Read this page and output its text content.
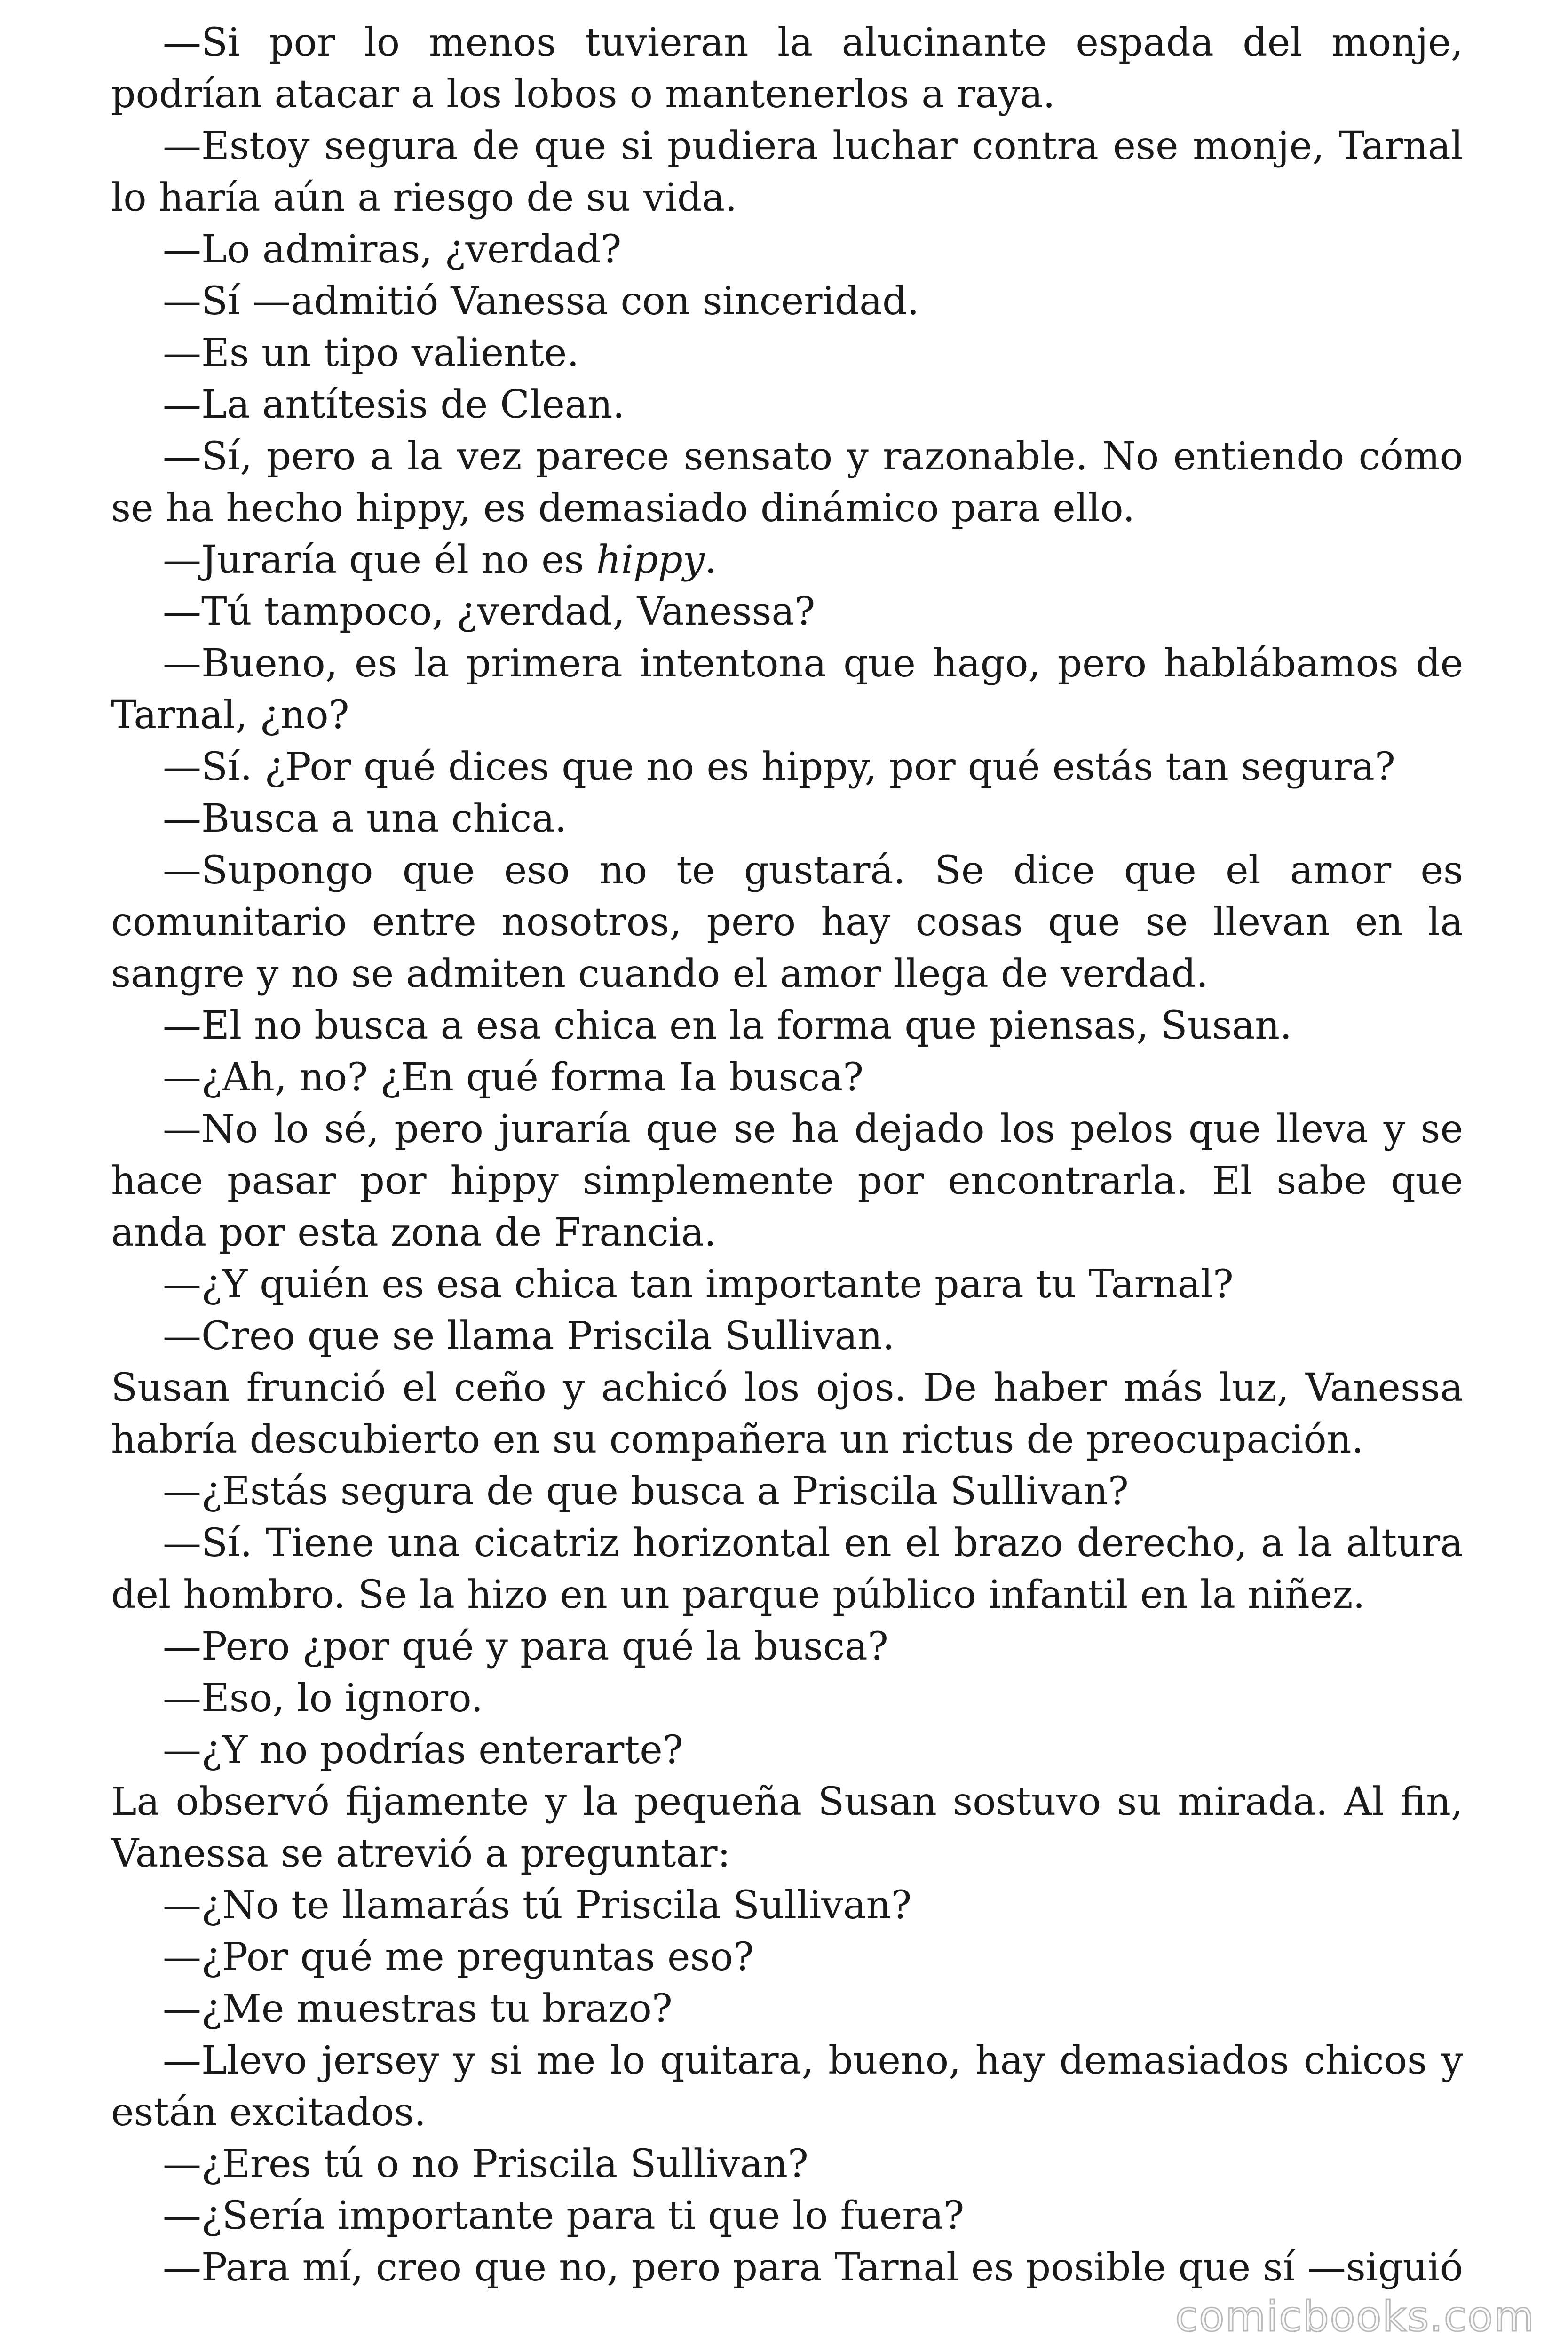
—Si por lo menos tuvieran la alucinante espada del monje, podrían atacar a los lobos o mantenerlos a raya.

—Estoy segura de que si pudiera luchar contra ese monje, Tarnal lo haría aún a riesgo de su vida.

—Lo admiras, ¿verdad?

—Sí —admitió Vanessa con sinceridad.

—Es un tipo valiente.

—La antítesis de Clean.

—Sí, pero a la vez parece sensato y razonable. No entiendo cómo se ha hecho hippy, es demasiado dinámico para ello.

—Juraría que él no es hippy.

—Tú tampoco, ¿verdad, Vanessa?

—Bueno, es la primera intentona que hago, pero hablábamos de Tarnal, ¿no?

—Sí. ¿Por qué dices que no es hippy, por qué estás tan segura?

—Busca a una chica.

—Supongo que eso no te gustará. Se dice que el amor es comunitario entre nosotros, pero hay cosas que se llevan en la sangre y no se admiten cuando el amor llega de verdad.

—El no busca a esa chica en la forma que piensas, Susan.

—¿Ah, no? ¿En qué forma Ia busca?

—No lo sé, pero juraría que se ha dejado los pelos que lleva y se hace pasar por hippy simplemente por encontrarla. El sabe que anda por esta zona de Francia.

—¿Y quién es esa chica tan importante para tu Tarnal?

—Creo que se llama Priscila Sullivan.

Susan frunció el ceño y achicó los ojos. De haber más luz, Vanessa habría descubierto en su compañera un rictus de preocupación.

—¿Estás segura de que busca a Priscila Sullivan?

—Sí. Tiene una cicatriz horizontal en el brazo derecho, a la altura del hombro. Se la hizo en un parque público infantil en la niñez.

—Pero ¿por qué y para qué la busca?

—Eso, lo ignoro.

—¿Y no podrías enterarte?

La observó fijamente y la pequeña Susan sostuvo su mirada. Al fin, Vanessa se atrevió a preguntar:

—¿No te llamarás tú Priscila Sullivan?

—¿Por qué me preguntas eso?

—¿Me muestras tu brazo?

—Llevo jersey y si me lo quitara, bueno, hay demasiados chicos y están excitados.

—¿Eres tú o no Priscila Sullivan?

—¿Sería importante para ti que lo fuera?

—Para mí, creo que no, pero para Tarnal es posible que sí —siguió

comicbooks.com
